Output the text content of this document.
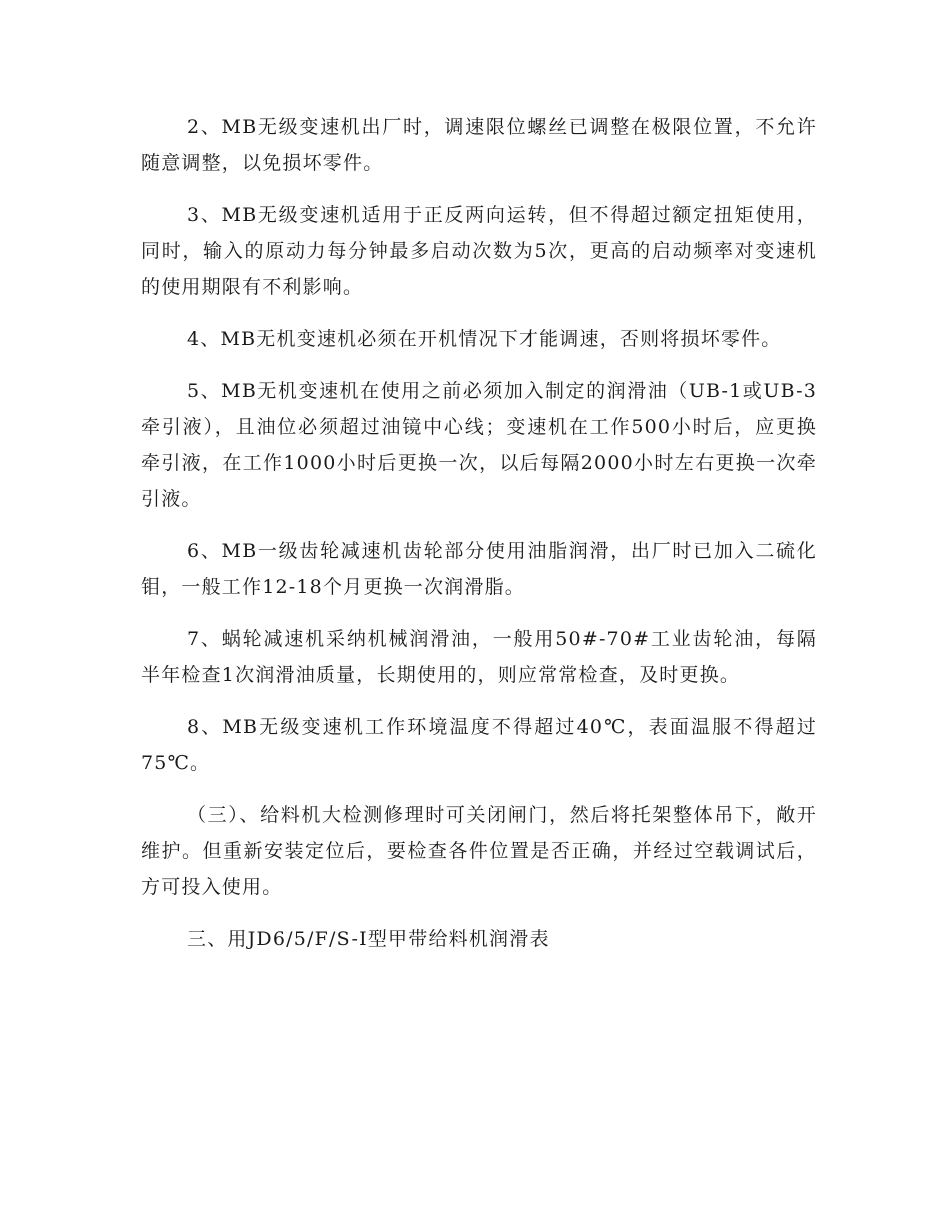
2、MB无级变速机出厂时，调速限位螺丝已调整在极限位置，不允许随意调整，以免损坏零件。

3、MB无级变速机适用于正反两向运转，但不得超过额定扭矩使用，同时，输入的原动力每分钟最多启动次数为5次，更高的启动频率对变速机的使用期限有不利影响。

4、MB无机变速机必须在开机情况下才能调速，否则将损坏零件。

5、MB无机变速机在使用之前必须加入制定的润滑油（UB-1或UB-3牵引液），且油位必须超过油镜中心线；变速机在工作500小时后，应更换牵引液，在工作1000小时后更换一次，以后每隔2000小时左右更换一次牵引液。

6、MB一级齿轮减速机齿轮部分使用油脂润滑，出厂时已加入二硫化钼，一般工作12-18个月更换一次润滑脂。

7、蜗轮减速机采纳机械润滑油，一般用50#-70#工业齿轮油，每隔半年检查1次润滑油质量，长期使用的，则应常常检查，及时更换。

8、MB无级变速机工作环境温度不得超过40℃，表面温服不得超过75℃。

（三）、给料机大检测修理时可关闭闸门，然后将托架整体吊下，敞开维护。但重新安装定位后，要检查各件位置是否正确，并经过空载调试后，方可投入使用。

三、用JD6/5/F/S-I型甲带给料机润滑表
